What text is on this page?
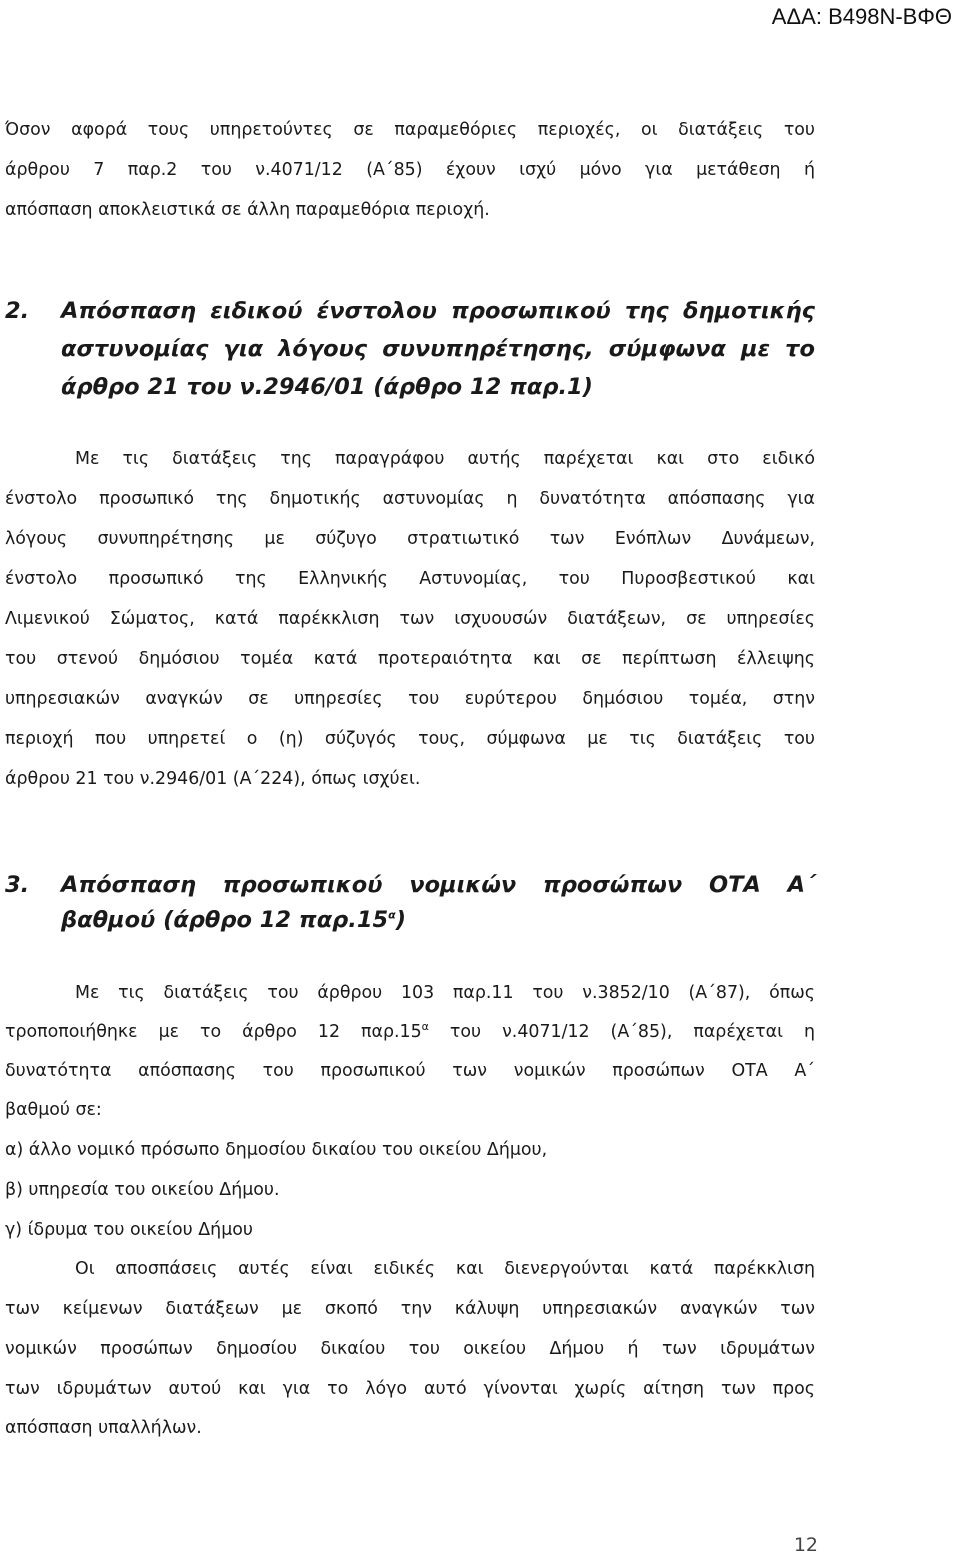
ΑΔΑ: Β498Ν-ΒΦΘ
Όσον αφορά τους υπηρετούντες σε παραμεθόριες περιοχές, οι διατάξεις του
άρθρου 7 παρ.2 του ν.4071/12 (Α΄85) έχουν ισχύ μόνο για μετάθεση ή
απόσπαση αποκλειστικά σε άλλη παραμεθόρια περιοχή.
2. Απόσπαση ειδικού ένστολου προσωπικού της δημοτικής
αστυνομίας για λόγους συνυπηρέτησης, σύμφωνα με το
άρθρο 21 του ν.2946/01 (άρθρο 12 παρ.1)
Με τις διατάξεις της παραγράφου αυτής παρέχεται και στο ειδικό
ένστολο προσωπικό της δημοτικής αστυνομίας η δυνατότητα απόσπασης για
λόγους συνυπηρέτησης με σύζυγο στρατιωτικό των Ενόπλων Δυνάμεων,
ένστολο προσωπικό της Ελληνικής Αστυνομίας, του Πυροσβεστικού και
Λιμενικού Σώματος, κατά παρέκκλιση των ισχυουσών διατάξεων, σε υπηρεσίες
του στενού δημόσιου τομέα κατά προτεραιότητα και σε περίπτωση έλλειψης
υπηρεσιακών αναγκών σε υπηρεσίες του ευρύτερου δημόσιου τομέα, στην
περιοχή που υπηρετεί ο (η) σύζυγός τους, σύμφωνα με τις διατάξεις του
άρθρου 21 του ν.2946/01 (Α΄224), όπως ισχύει.
3. Απόσπαση προσωπικού νομικών προσώπων ΟΤΑ Α΄
βαθμού (άρθρο 12 $\pi\alpha\rho.15^\alpha$)
Με τις διατάξεις του άρθρου 103 παρ.11 του ν.3852/10 (Α΄87), όπως
τροποποιήθηκε με το άρθρο 12 $\pi\alpha\rho.15^\alpha$ του ν.4071/12 (Α΄85), παρέχεται η
δυνατότητα απόσπασης του προσωπικού των νομικών προσώπων ΟΤΑ Α΄
βαθμού σε:
α) άλλο νομικό πρόσωπο δημοσίου δικαίου του οικείου Δήμου,
β) υπηρεσία του οικείου Δήμου.
γ) ίδρυμα του οικείου Δήμου
Οι αποσπάσεις αυτές είναι ειδικές και διενεργούνται κατά παρέκκλιση
των κείμενων διατάξεων με σκοπό την κάλυψη υπηρεσιακών αναγκών των
νομικών προσώπων δημοσίου δικαίου του οικείου Δήμου ή των ιδρυμάτων
των ιδρυμάτων αυτού και για το λόγο αυτό γίνονται χωρίς αίτηση των προς
απόσπαση υπαλλήλων.
12
